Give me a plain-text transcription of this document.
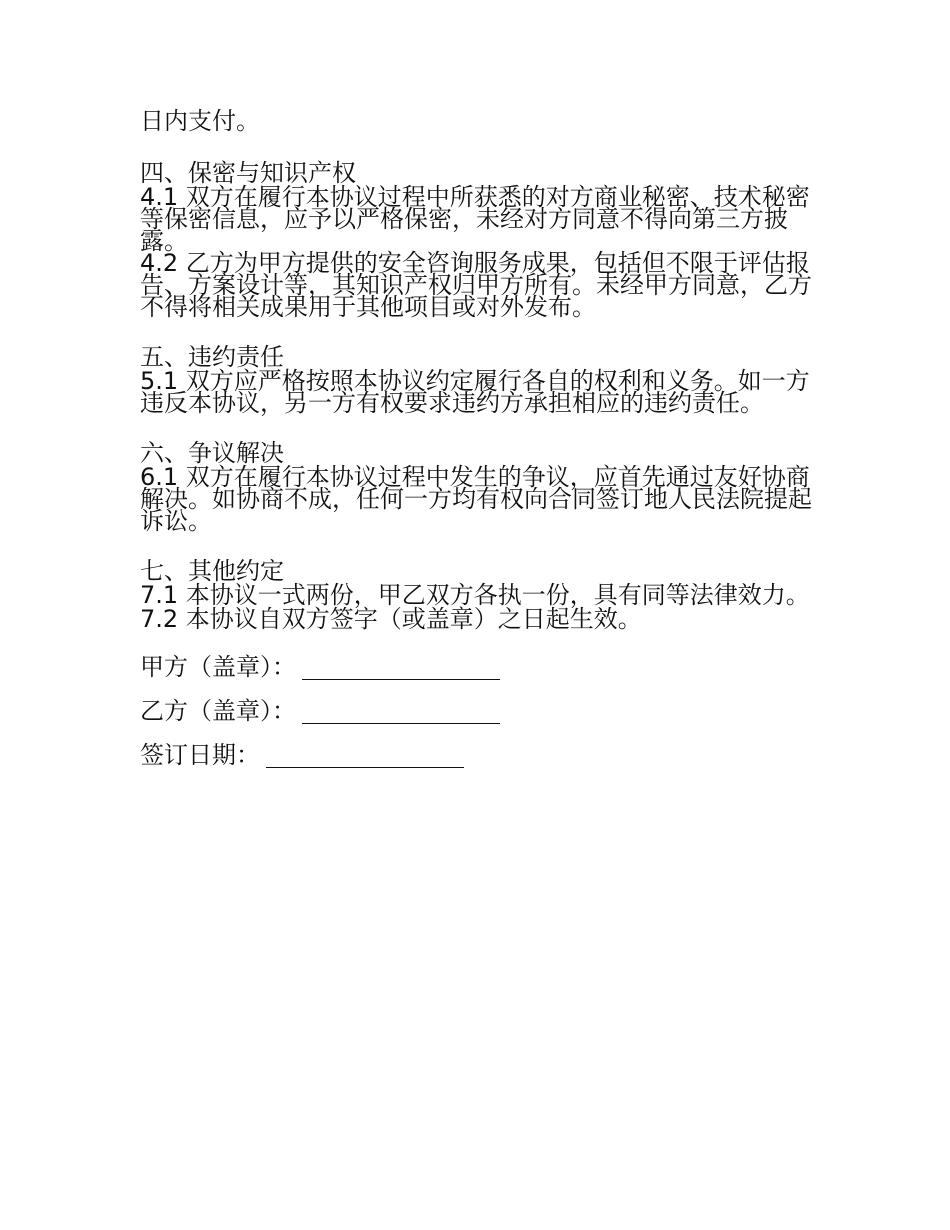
日内支付。

四、保密与知识产权

4.1 双方在履行本协议过程中所获悉的对方商业秘密、技术秘密等保密信息，应予以严格保密，未经对方同意不得向第三方披露。

4.2 乙方为甲方提供的安全咨询服务成果，包括但不限于评估报告、方案设计等，其知识产权归甲方所有。未经甲方同意，乙方不得将相关成果用于其他项目或对外发布。

五、违约责任

5.1 双方应严格按照本协议约定履行各自的权利和义务。如一方违反本协议，另一方有权要求违约方承担相应的违约责任。

六、争议解决

6.1 双方在履行本协议过程中发生的争议，应首先通过友好协商解决。如协商不成，任何一方均有权向合同签订地人民法院提起诉讼。

七、其他约定

7.1 本协议一式两份，甲乙双方各执一份，具有同等法律效力。

7.2 本协议自双方签字（或盖章）之日起生效。

甲方（盖章）：
乙方（盖章）：
签订日期：
